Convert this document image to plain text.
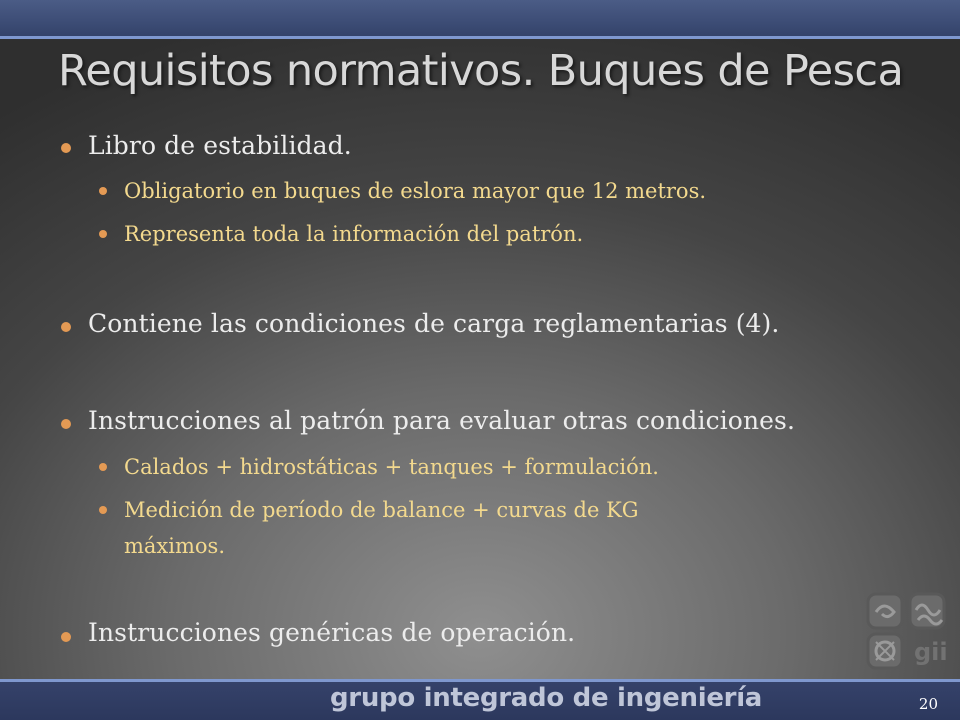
Requisitos normativos. Buques de Pesca
Libro de estabilidad.
Obligatorio en buques de eslora mayor que 12 metros.
Representa toda la información del patrón.
Contiene las condiciones de carga reglamentarias (4).
Instrucciones al patrón para evaluar otras condiciones.
Calados + hidrostáticas + tanques + formulación.
Medición de período de balance + curvas de KG
máximos.
Instrucciones genéricas de operación.
gii
grupo integrado de ingeniería	20
